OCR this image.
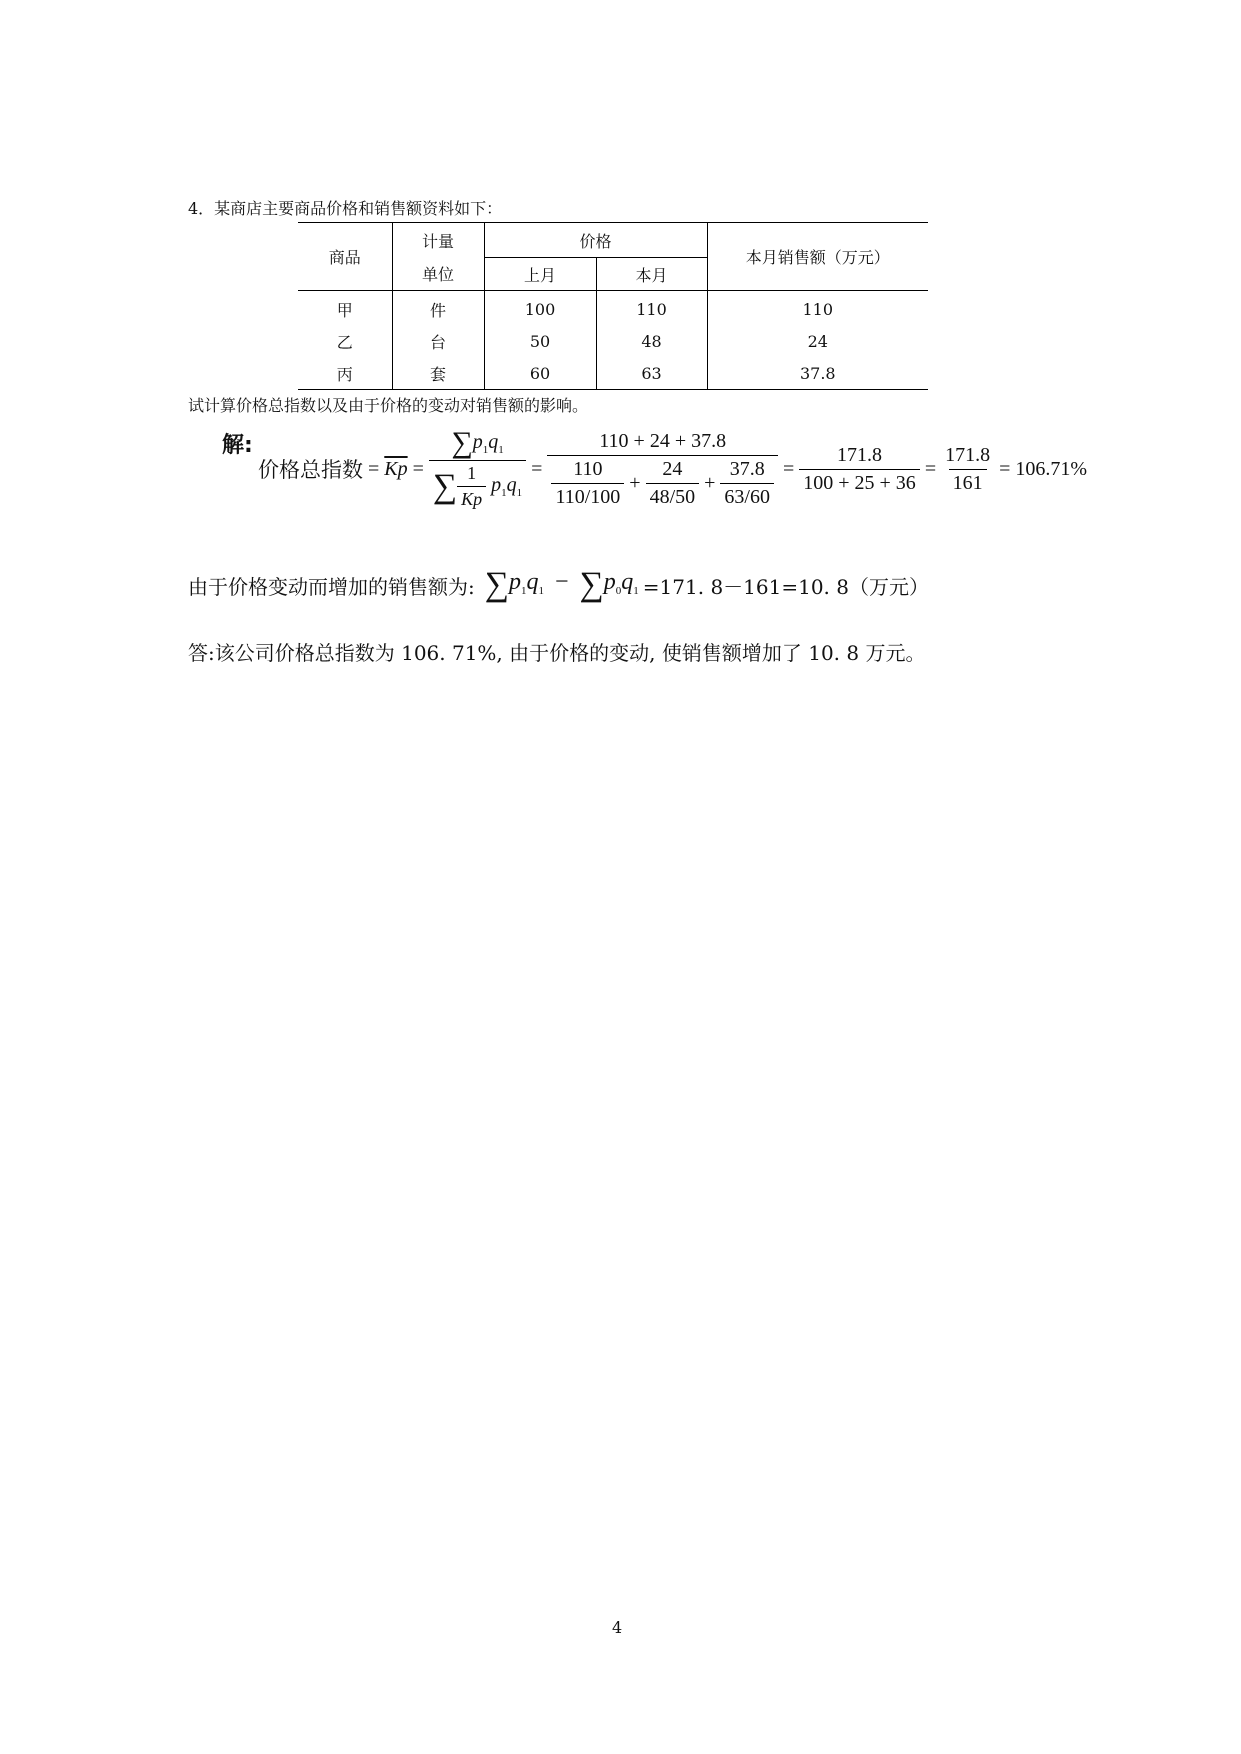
4．某商店主要商品价格和销售额资料如下：
商品	计量	价格		本月销售额（万元）
	单位	上月	本月	
甲	件	100	110	110
乙	台	50	48	24
丙	套	60	63	37.8
试计算价格总指数以及由于价格的变动对销售额的影响。
解:
价格总指数 = $\overline{Kp} = \frac{\sum p_1q_1}{\sum \frac{1}{Kp} p_1q_1} = \frac{110 + 24 + 37.8}{\frac{110}{110/100} + \frac{24}{48/50} + \frac{37.8}{63/60}} = \frac{171.8}{100 + 25 + 36} = \frac{171.8}{161} = 106.71\%$
由于价格变动而增加的销售额为: $\sum p_1q_1 - \sum p_0q_1 =171$. 8－161=10. 8（万元）
答:该公司价格总指数为 106. 71%, 由于价格的变动, 使销售额增加了 10. 8 万元。
4
